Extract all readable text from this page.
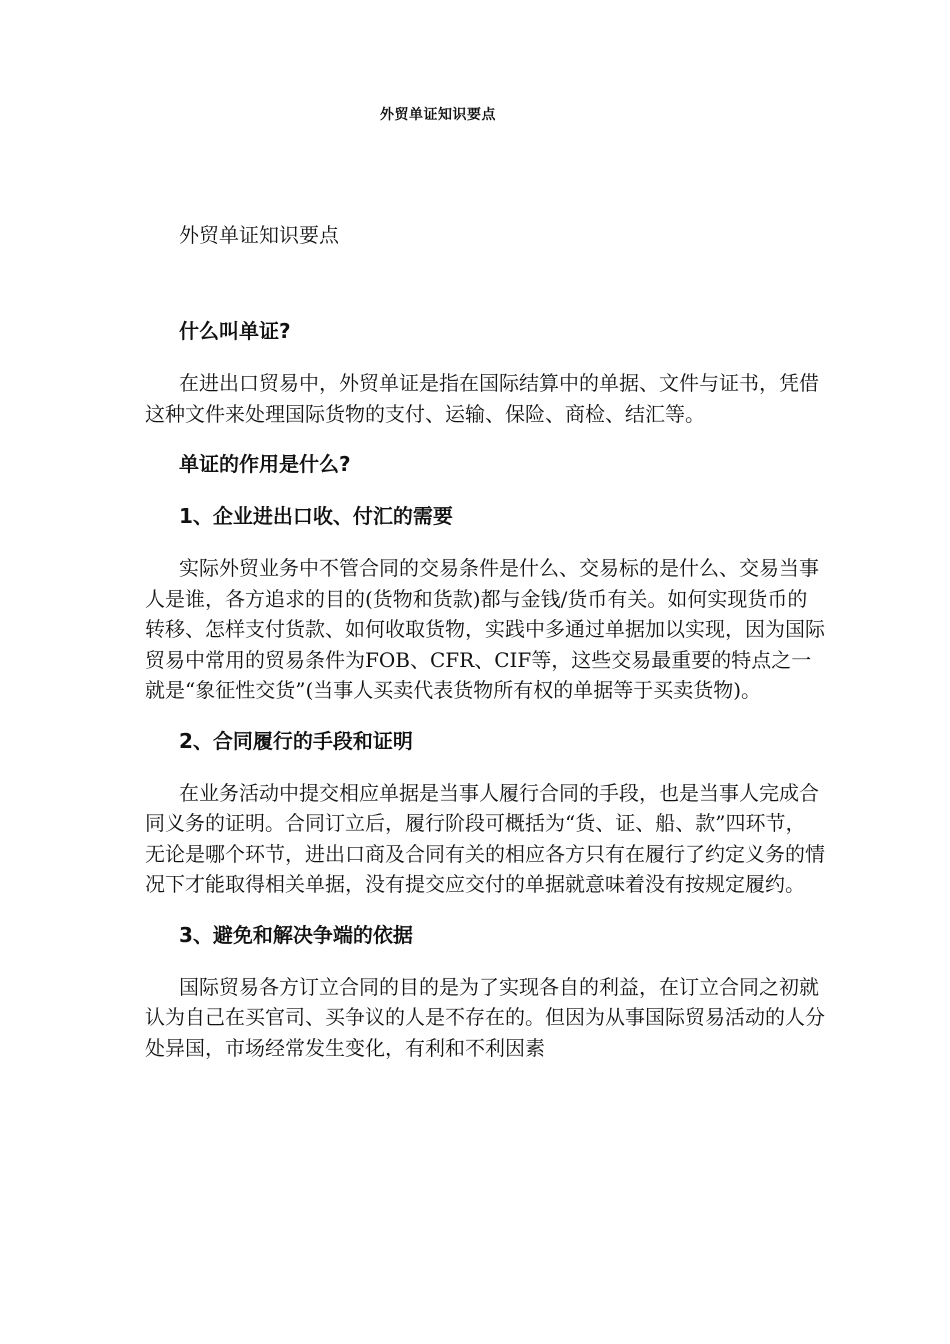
外贸单证知识要点

外贸单证知识要点

什么叫单证?

在进出口贸易中，外贸单证是指在国际结算中的单据、文件与证书，凭借这种文件来处理国际货物的支付、运输、保险、商检、结汇等。

单证的作用是什么?

1、企业进出口收、付汇的需要

实际外贸业务中不管合同的交易条件是什么、交易标的是什么、交易当事人是谁，各方追求的目的(货物和货款)都与金钱/货币有关。如何实现货币的转移、怎样支付货款、如何收取货物，实践中多通过单据加以实现，因为国际贸易中常用的贸易条件为FOB、CFR、CIF等，这些交易最重要的特点之一就是“象征性交货”(当事人买卖代表货物所有权的单据等于买卖货物)。

2、合同履行的手段和证明

在业务活动中提交相应单据是当事人履行合同的手段，也是当事人完成合同义务的证明。合同订立后，履行阶段可概括为“货、证、船、款”四环节，无论是哪个环节，进出口商及合同有关的相应各方只有在履行了约定义务的情况下才能取得相关单据，没有提交应交付的单据就意味着没有按规定履约。

3、避免和解决争端的依据

国际贸易各方订立合同的目的是为了实现各自的利益，在订立合同之初就认为自己在买官司、买争议的人是不存在的。但因为从事国际贸易活动的人分处异国，市场经常发生变化，有利和不利因素
